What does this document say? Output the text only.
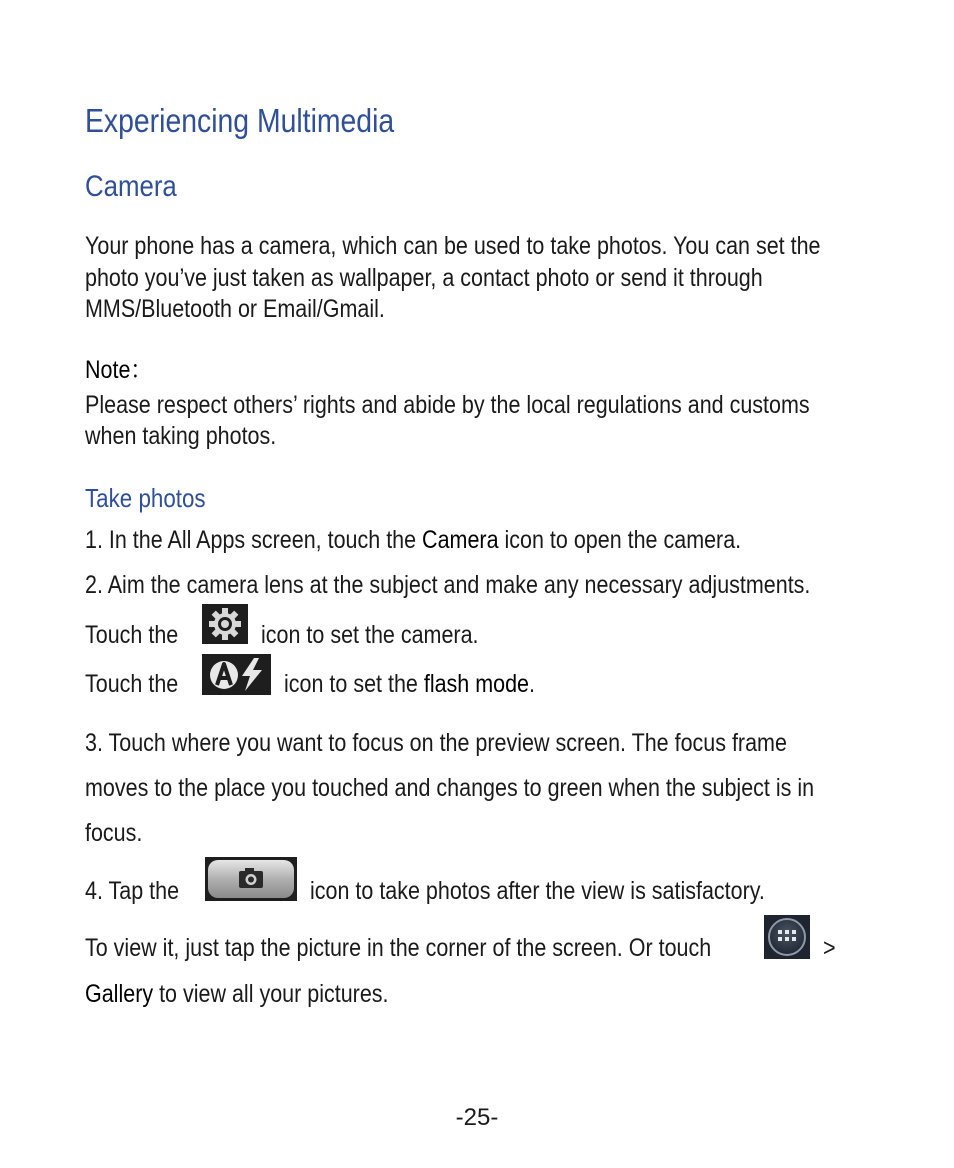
Experiencing Multimedia
Camera
Your phone has a camera, which can be used to take photos. You can set the
photo you’ve just taken as wallpaper, a contact photo or send it through
MMS/Bluetooth or Email/Gmail.
Note：
Please respect others’ rights and abide by the local regulations and customs
when taking photos.
Take photos
1. In the All Apps screen, touch the Camera icon to open the camera.
2. Aim the camera lens at the subject and make any necessary adjustments.
Touch the	icon to set the camera.
Touch the	icon to set the flash mode.
3. Touch where you want to focus on the preview screen. The focus frame
moves to the place you touched and changes to green when the subject is in
focus.
4. Tap the	icon to take photos after the view is satisfactory.
To view it, just tap the picture in the corner of the screen. Or touch	>
Gallery to view all your pictures.
-25-
